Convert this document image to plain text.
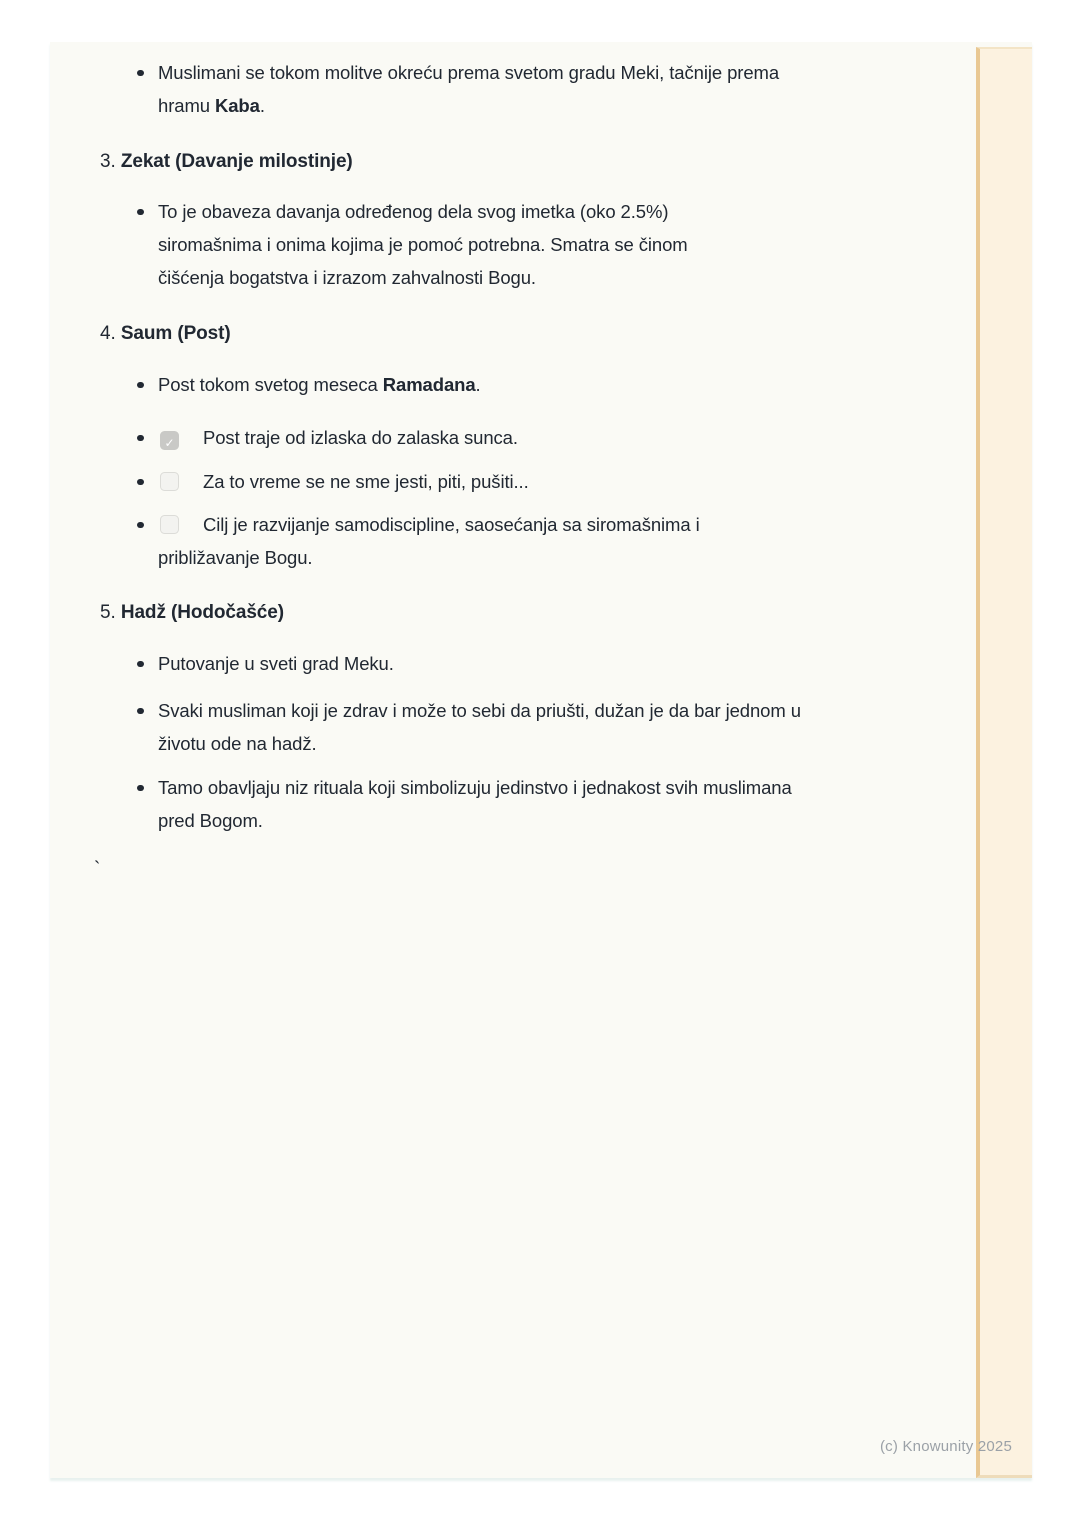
Muslimani se tokom molitve okreću prema svetom gradu Meki, tačnije prema hramu Kaba.

3. Zekat (Davanje milostinje)

To je obaveza davanja određenog dela svog imetka (oko 2.5%) siromašnima i onima kojima je pomoć potrebna. Smatra se činom čišćenja bogatstva i izrazom zahvalnosti Bogu.

4. Saum (Post)

Post tokom svetog meseca Ramadana.

✓Post traje od izlaska do zalaska sunca.

Za to vreme se ne sme jesti, piti, pušiti...

Cilj je razvijanje samodiscipline, saosećanja sa siromašnima i približavanje Bogu.

5. Hadž (Hodočašće)

Putovanje u sveti grad Meku.

Svaki musliman koji je zdrav i može to sebi da priušti, dužan je da bar jednom u životu ode na hadž.

Tamo obavljaju niz rituala koji simbolizuju jedinstvo i jednakost svih muslimana pred Bogom.

`
(c) Knowunity 2025
